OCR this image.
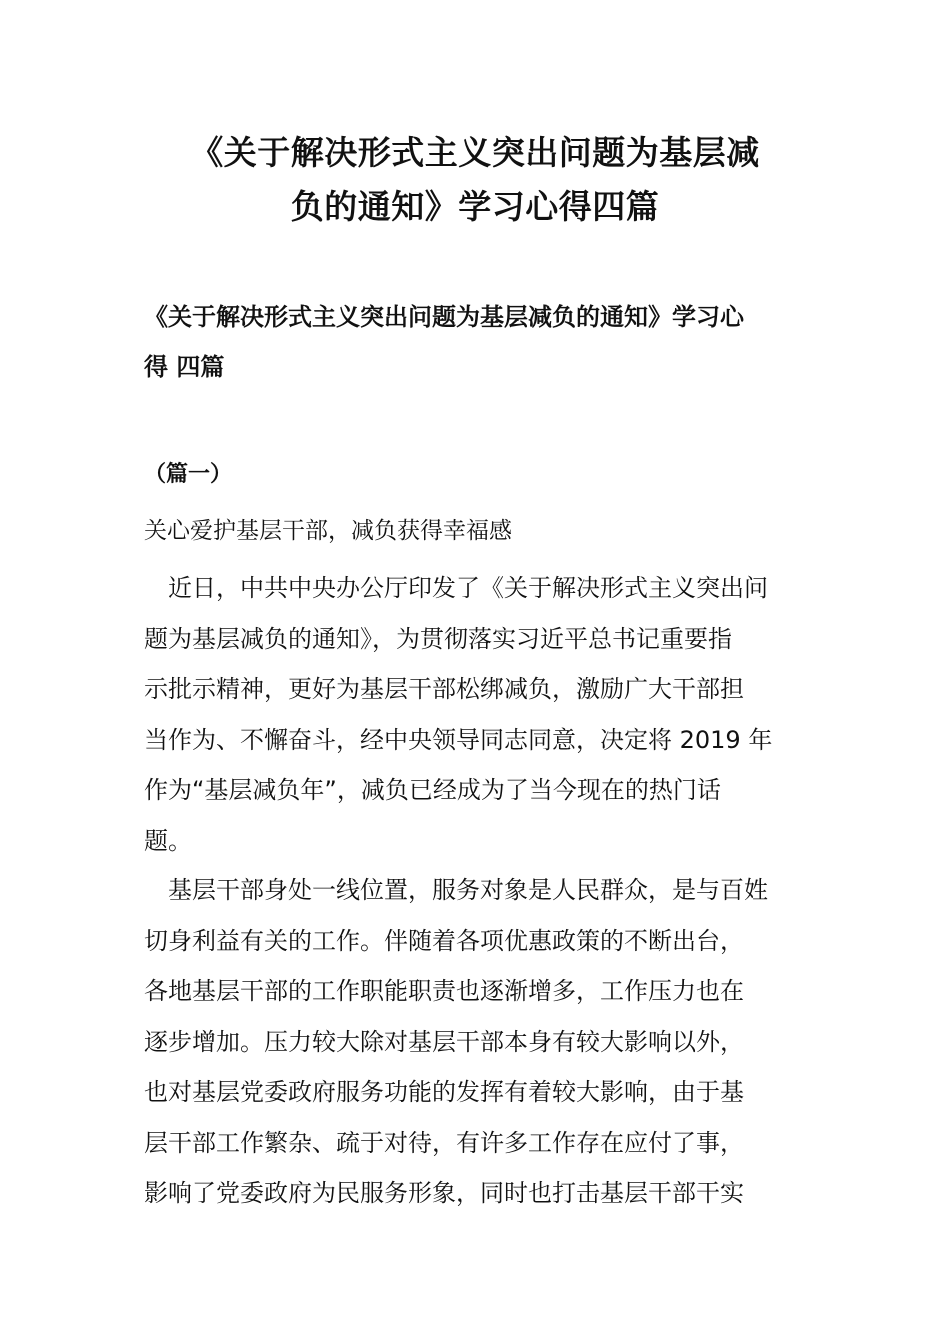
《关于解决形式主义突出问题为基层减
负的通知》学习心得四篇
《关于解决形式主义突出问题为基层减负的通知》学习心
得 四篇
（篇一）
关心爱护基层干部，减负获得幸福感
　近日，中共中央办公厅印发了《关于解决形式主义突出问
题为基层减负的通知》，为贯彻落实习近平总书记重要指
示批示精神，更好为基层干部松绑减负，激励广大干部担
当作为、不懈奋斗，经中央领导同志同意，决定将 2019 年
作为“基层减负年”，减负已经成为了当今现在的热门话
题。
　基层干部身处一线位置，服务对象是人民群众，是与百姓
切身利益有关的工作。伴随着各项优惠政策的不断出台，
各地基层干部的工作职能职责也逐渐增多，工作压力也在
逐步增加。压力较大除对基层干部本身有较大影响以外，
也对基层党委政府服务功能的发挥有着较大影响，由于基
层干部工作繁杂、疏于对待，有许多工作存在应付了事，
影响了党委政府为民服务形象，同时也打击基层干部干实
